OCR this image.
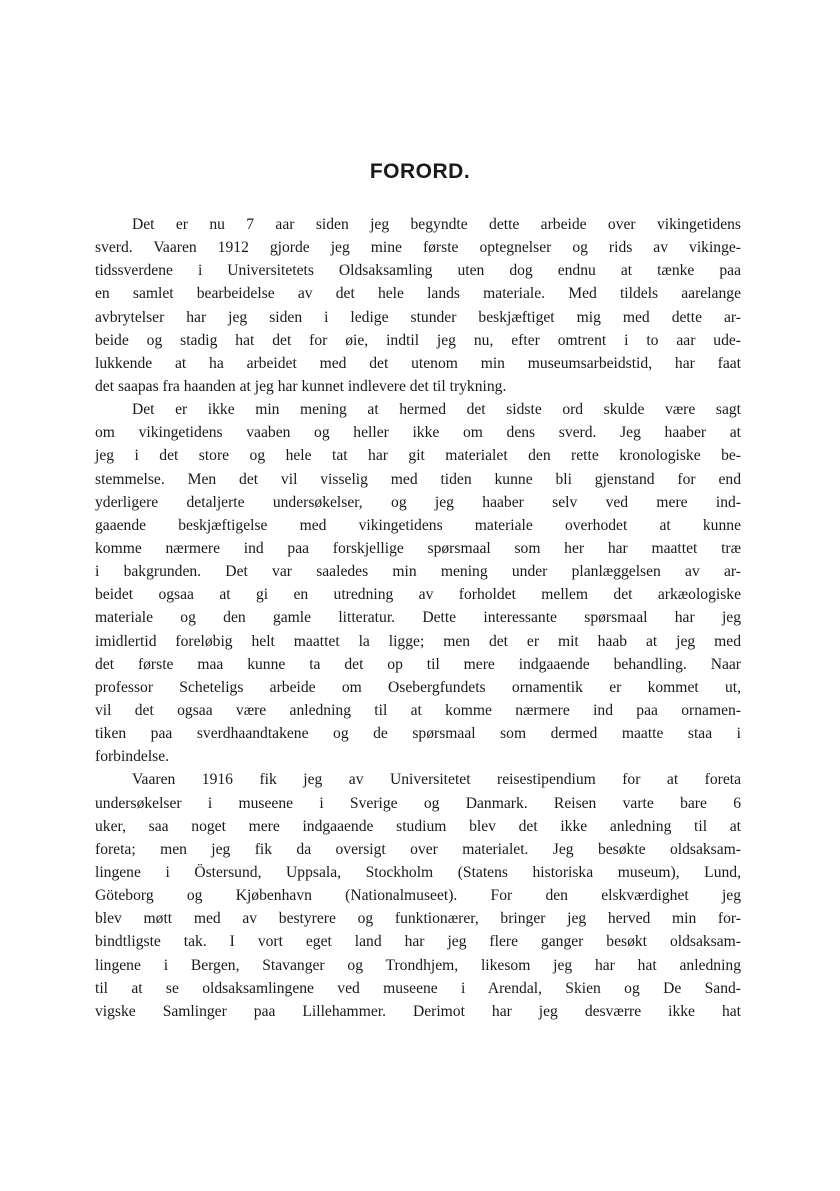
FORORD.
Det er nu 7 aar siden jeg begyndte dette arbeide over vikingetidens
sverd. Vaaren 1912 gjorde jeg mine første optegnelser og rids av vikinge-
tidssverdene i Universitetets Oldsaksamling uten dog endnu at tænke paa
en samlet bearbeidelse av det hele lands materiale. Med tildels aarelange
avbrytelser har jeg siden i ledige stunder beskjæftiget mig med dette ar-
beide og stadig hat det for øie, indtil jeg nu, efter omtrent i to aar ude-
lukkende at ha arbeidet med det utenom min museumsarbeidstid, har faat
det saapas fra haanden at jeg har kunnet indlevere det til trykning.
Det er ikke min mening at hermed det sidste ord skulde være sagt
om vikingetidens vaaben og heller ikke om dens sverd. Jeg haaber at
jeg i det store og hele tat har git materialet den rette kronologiske be-
stemmelse. Men det vil visselig med tiden kunne bli gjenstand for end
yderligere detaljerte undersøkelser, og jeg haaber selv ved mere ind-
gaaende beskjæftigelse med vikingetidens materiale overhodet at kunne
komme nærmere ind paa forskjellige spørsmaal som her har maattet træ
i bakgrunden. Det var saaledes min mening under planlæggelsen av ar-
beidet ogsaa at gi en utredning av forholdet mellem det arkæologiske
materiale og den gamle litteratur. Dette interessante spørsmaal har jeg
imidlertid foreløbig helt maattet la ligge; men det er mit haab at jeg med
det første maa kunne ta det op til mere indgaaende behandling. Naar
professor Scheteligs arbeide om Osebergfundets ornamentik er kommet ut,
vil det ogsaa være anledning til at komme nærmere ind paa ornamen-
tiken paa sverdhaandtakene og de spørsmaal som dermed maatte staa i
forbindelse.
Vaaren 1916 fik jeg av Universitetet reisestipendium for at foreta
undersøkelser i museene i Sverige og Danmark. Reisen varte bare 6
uker, saa noget mere indgaaende studium blev det ikke anledning til at
foreta; men jeg fik da oversigt over materialet. Jeg besøkte oldsaksam-
lingene i Östersund, Uppsala, Stockholm (Statens historiska museum), Lund,
Göteborg og Kjøbenhavn (Nationalmuseet). For den elskværdighet jeg
blev møtt med av bestyrere og funktionærer, bringer jeg herved min for-
bindtligste tak. I vort eget land har jeg flere ganger besøkt oldsaksam-
lingene i Bergen, Stavanger og Trondhjem, likesom jeg har hat anledning
til at se oldsaksamlingene ved museene i Arendal, Skien og De Sand-
vigske Samlinger paa Lillehammer. Derimot har jeg desværre ikke hat
